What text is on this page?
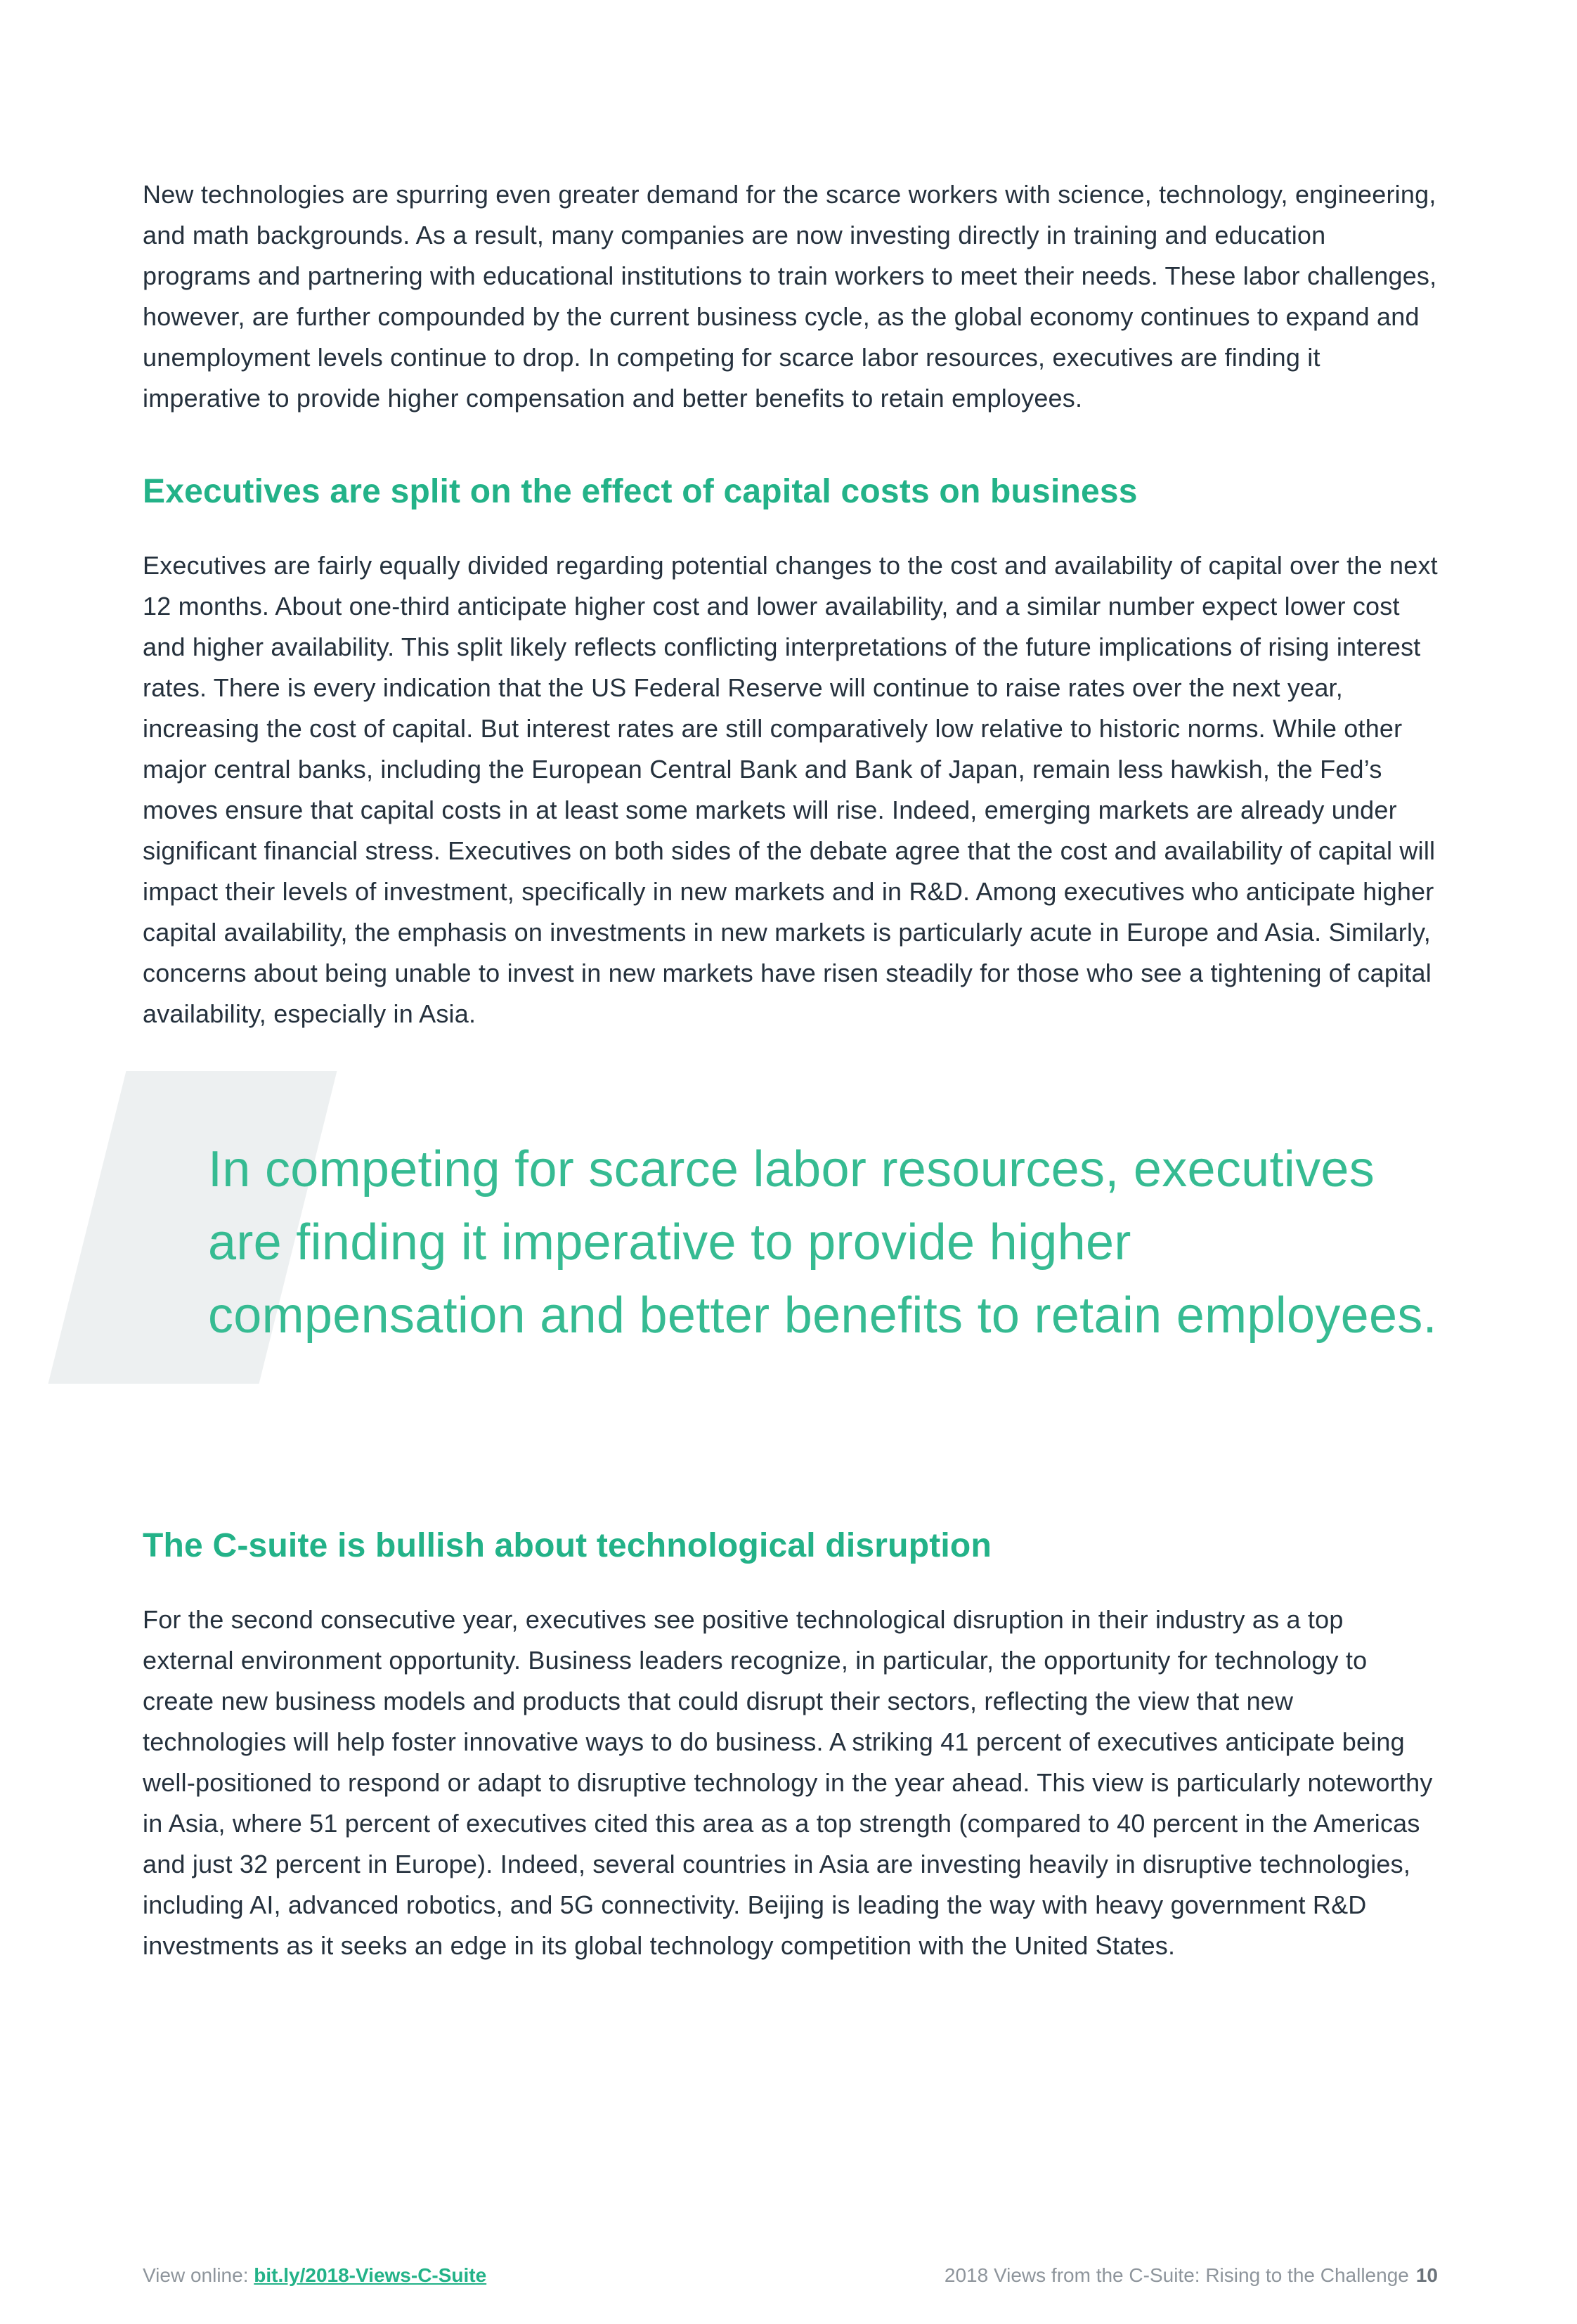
New technologies are spurring even greater demand for the scarce workers with science, technology, engineering, and math backgrounds. As a result, many companies are now investing directly in training and education programs and partnering with educational institutions to train workers to meet their needs. These labor challenges, however, are further compounded by the current business cycle, as the global economy continues to expand and unemployment levels continue to drop. In competing for scarce labor resources, executives are finding it imperative to provide higher compensation and better benefits to retain employees.

Executives are split on the effect of capital costs on business

Executives are fairly equally divided regarding potential changes to the cost and availability of capital over the next 12 months. About one-third anticipate higher cost and lower availability, and a similar number expect lower cost and higher availability. This split likely reflects conflicting interpretations of the future implications of rising interest rates. There is every indication that the US Federal Reserve will continue to raise rates over the next year, increasing the cost of capital. But interest rates are still comparatively low relative to historic norms. While other major central banks, including the European Central Bank and Bank of Japan, remain less hawkish, the Fed’s moves ensure that capital costs in at least some markets will rise. Indeed, emerging markets are already under significant financial stress. Executives on both sides of the debate agree that the cost and availability of capital will impact their levels of investment, specifically in new markets and in R&D. Among executives who anticipate higher capital availability, the emphasis on investments in new markets is particularly acute in Europe and Asia. Similarly, concerns about being unable to invest in new markets have risen steadily for those who see a tightening of capital availability, especially in Asia.

In competing for scarce labor resources, executives are finding it imperative to provide higher compensation and better benefits to retain employees.

The C-suite is bullish about technological disruption

For the second consecutive year, executives see positive technological disruption in their industry as a top external environment opportunity. Business leaders recognize, in particular, the opportunity for technology to create new business models and products that could disrupt their sectors, reflecting the view that new technologies will help foster innovative ways to do business. A striking 41 percent of executives anticipate being well-positioned to respond or adapt to disruptive technology in the year ahead. This view is particularly noteworthy in Asia, where 51 percent of executives cited this area as a top strength (compared to 40 percent in the Americas and just 32 percent in Europe). Indeed, several countries in Asia are investing heavily in disruptive technologies, including AI, advanced robotics, and 5G connectivity. Beijing is leading the way with heavy government R&D investments as it seeks an edge in its global technology competition with the United States.

View online: bit.ly/2018-Views-C-Suite	2018 Views from the C-Suite: Rising to the Challenge 10
